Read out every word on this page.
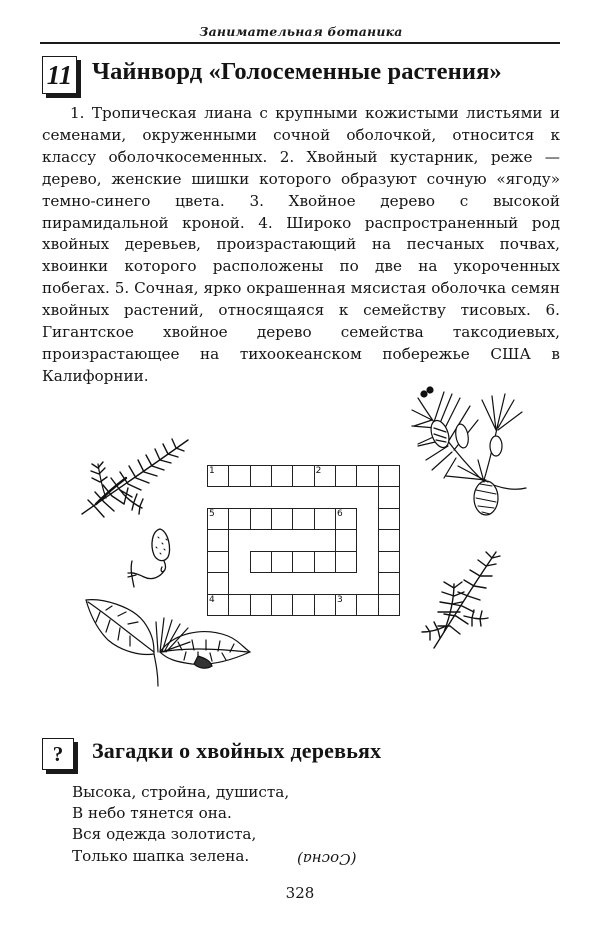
Занимательная ботаника
11 Чайнворд «Голосеменные растения»

1. Тропическая лиана с крупными кожистыми листьями и семенами, окруженными сочной оболочкой, относится к классу оболочкосеменных. 2. Хвойный кустарник, реже — дерево, женские шишки которого образуют сочную «ягоду» темно-синего цвета. 3. Хвойное дерево с высокой пирамидальной кроной. 4. Широко распространенный род хвойных деревьев, произрастающий на песчаных почвах, хвоинки которого расположены по две на укороченных побегах. 5. Сочная, ярко окрашенная мясистая оболочка семян хвойных растений, относящаяся к семейству тисовых. 6. Гигантское хвойное дерево семейства таксодиевых, произрастающее на тихоокеанском побережье США в Калифорнии.

1	2
5	6
4	3
?	Загадки о хвойных деревьях
Высока, стройна, душиста,
В небо тянется она.
Вся одежда золотиста,
Только шапка зелена.	(Сосна)
328
